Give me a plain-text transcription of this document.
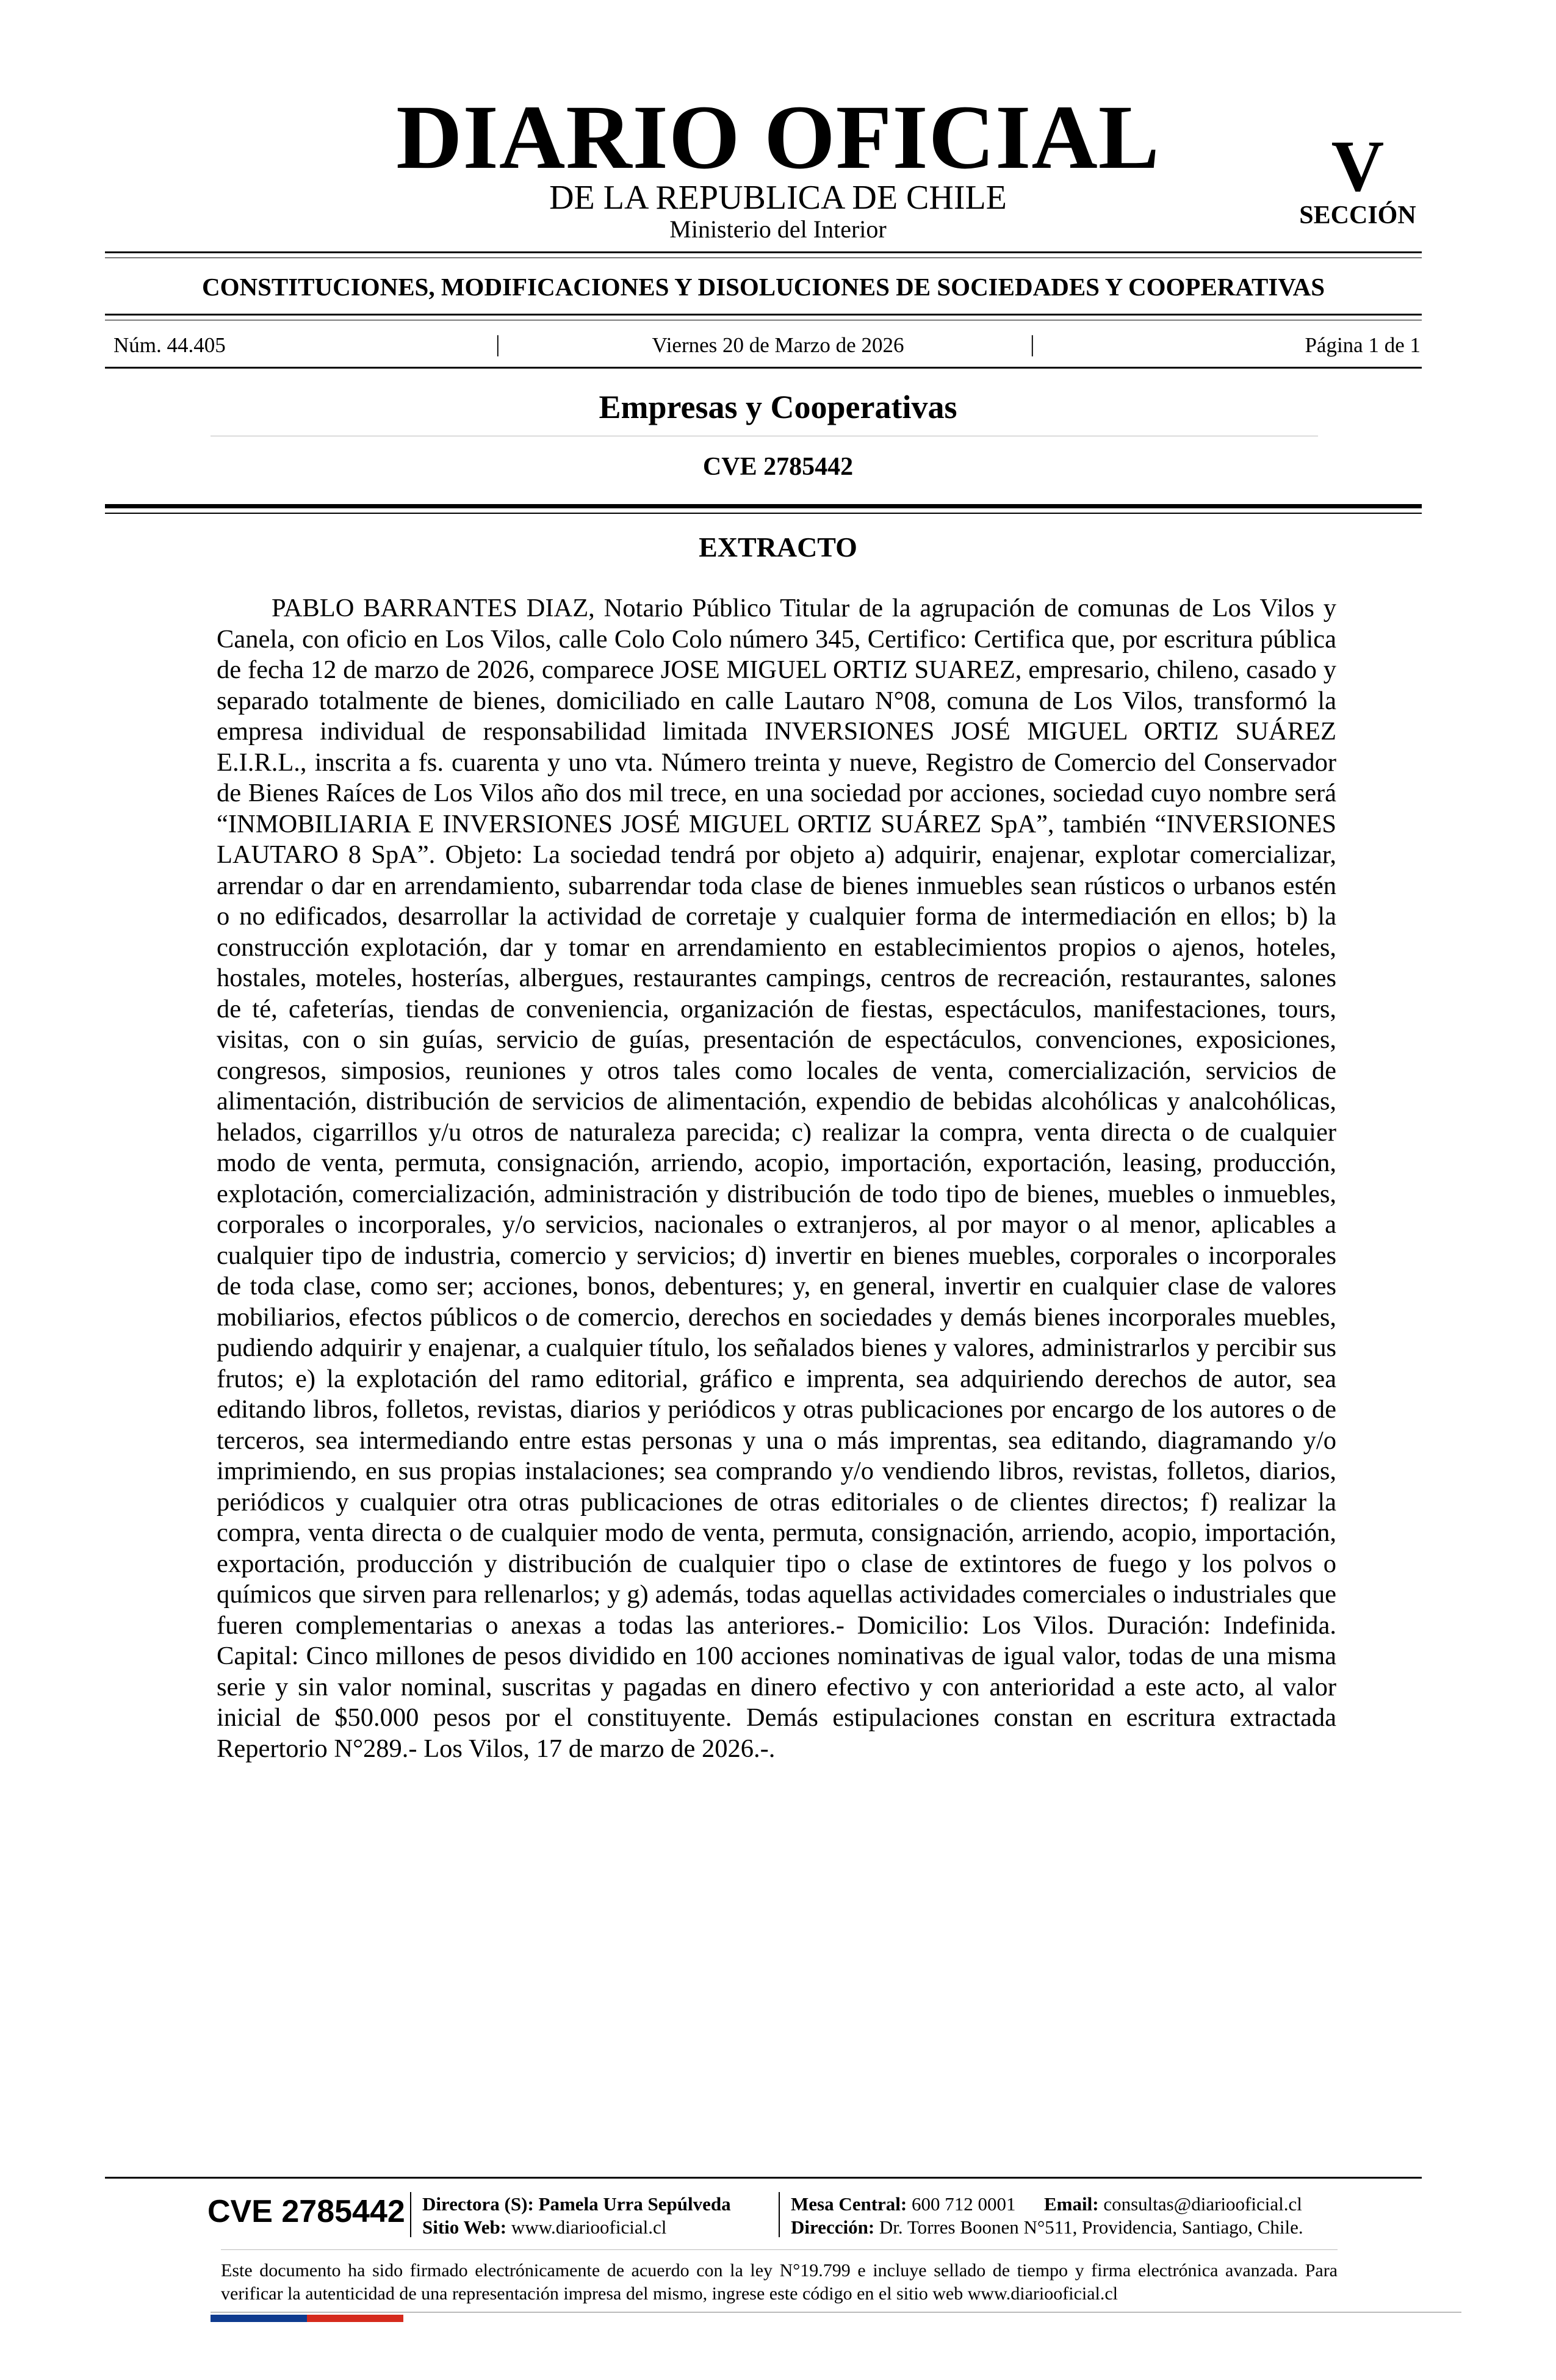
DIARIO OFICIAL
DE LA REPUBLICA DE CHILE
Ministerio del Interior
V
SECCIÓN
CONSTITUCIONES, MODIFICACIONES Y DISOLUCIONES DE SOCIEDADES Y COOPERATIVAS
Núm. 44.405	|	Viernes 20 de Marzo de 2026	|	Página 1 de 1
Empresas y Cooperativas
CVE 2785442
EXTRACTO

PABLO BARRANTES DIAZ, Notario Público Titular de la agrupación de comunas de Los Vilos y Canela, con oficio en Los Vilos, calle Colo Colo número 345, Certifico: Certifica que, por escritura pública de fecha 12 de marzo de 2026, comparece JOSE MIGUEL ORTIZ SUAREZ, empresario, chileno, casado y separado totalmente de bienes, domiciliado en calle Lautaro N°08, comuna de Los Vilos, transformó la empresa individual de responsabilidad limitada INVERSIONES JOSÉ MIGUEL ORTIZ SUÁREZ E.I.R.L., inscrita a fs. cuarenta y uno vta. Número treinta y nueve, Registro de Comercio del Conservador de Bienes Raíces de Los Vilos año dos mil trece, en una sociedad por acciones, sociedad cuyo nombre será “INMOBILIARIA E INVERSIONES JOSÉ MIGUEL ORTIZ SUÁREZ SpA”, también “INVERSIONES LAUTARO 8 SpA”. Objeto: La sociedad tendrá por objeto a) adquirir, enajenar, explotar comercializar, arrendar o dar en arrendamiento, subarrendar toda clase de bienes inmuebles sean rústicos o urbanos estén o no edificados, desarrollar la actividad de corretaje y cualquier forma de intermediación en ellos; b) la construcción explotación, dar y tomar en arrendamiento en establecimientos propios o ajenos, hoteles, hostales, moteles, hosterías, albergues, restaurantes campings, centros de recreación, restaurantes, salones de té, cafeterías, tiendas de conveniencia, organización de fiestas, espectáculos, manifestaciones, tours, visitas, con o sin guías, servicio de guías, presentación de espectáculos, convenciones, exposiciones, congresos, simposios, reuniones y otros tales como locales de venta, comercialización, servicios de alimentación, distribución de servicios de alimentación, expendio de bebidas alcohólicas y analcohólicas, helados, cigarrillos y/u otros de naturaleza parecida; c) realizar la compra, venta directa o de cualquier modo de venta, permuta, consignación, arriendo, acopio, importación, exportación, leasing, producción, explotación, comercialización, administración y distribución de todo tipo de bienes, muebles o inmuebles, corporales o incorporales, y/o servicios, nacionales o extranjeros, al por mayor o al menor, aplicables a cualquier tipo de industria, comercio y servicios; d) invertir en bienes muebles, corporales o incorporales de toda clase, como ser; acciones, bonos, debentures; y, en general, invertir en cualquier clase de valores mobiliarios, efectos públicos o de comercio, derechos en sociedades y demás bienes incorporales muebles, pudiendo adquirir y enajenar, a cualquier título, los señalados bienes y valores, administrarlos y percibir sus frutos; e) la explotación del ramo editorial, gráfico e imprenta, sea adquiriendo derechos de autor, sea editando libros, folletos, revistas, diarios y periódicos y otras publicaciones por encargo de los autores o de terceros, sea intermediando entre estas personas y una o más imprentas, sea editando, diagramando y/o imprimiendo, en sus propias instalaciones; sea comprando y/o vendiendo libros, revistas, folletos, diarios, periódicos y cualquier otra otras publicaciones de otras editoriales o de clientes directos; f) realizar la compra, venta directa o de cualquier modo de venta, permuta, consignación, arriendo, acopio, importación, exportación, producción y distribución de cualquier tipo o clase de extintores de fuego y los polvos o químicos que sirven para rellenarlos; y g) además, todas aquellas actividades comerciales o industriales que fueren complementarias o anexas a todas las anteriores.- Domicilio: Los Vilos. Duración: Indefinida. Capital: Cinco millones de pesos dividido en 100 acciones nominativas de igual valor, todas de una misma serie y sin valor nominal, suscritas y pagadas en dinero efectivo y con anterioridad a este acto, al valor inicial de $50.000 pesos por el constituyente. Demás estipulaciones constan en escritura extractada Repertorio N°289.- Los Vilos, 17 de marzo de 2026.-.

CVE 2785442 Directora (S): Pamela Urra Sepúlveda
Sitio Web: www.diariooficial.cl
Mesa Central: 600 712 0001 Email: consultas@diariooficial.cl
Dirección: Dr. Torres Boonen N°511, Providencia, Santiago, Chile.

Este documento ha sido firmado electrónicamente de acuerdo con la ley N°19.799 e incluye sellado de tiempo y firma electrónica avanzada. Para verificar la autenticidad de una representación impresa del mismo, ingrese este código en el sitio web www.diariooficial.cl
